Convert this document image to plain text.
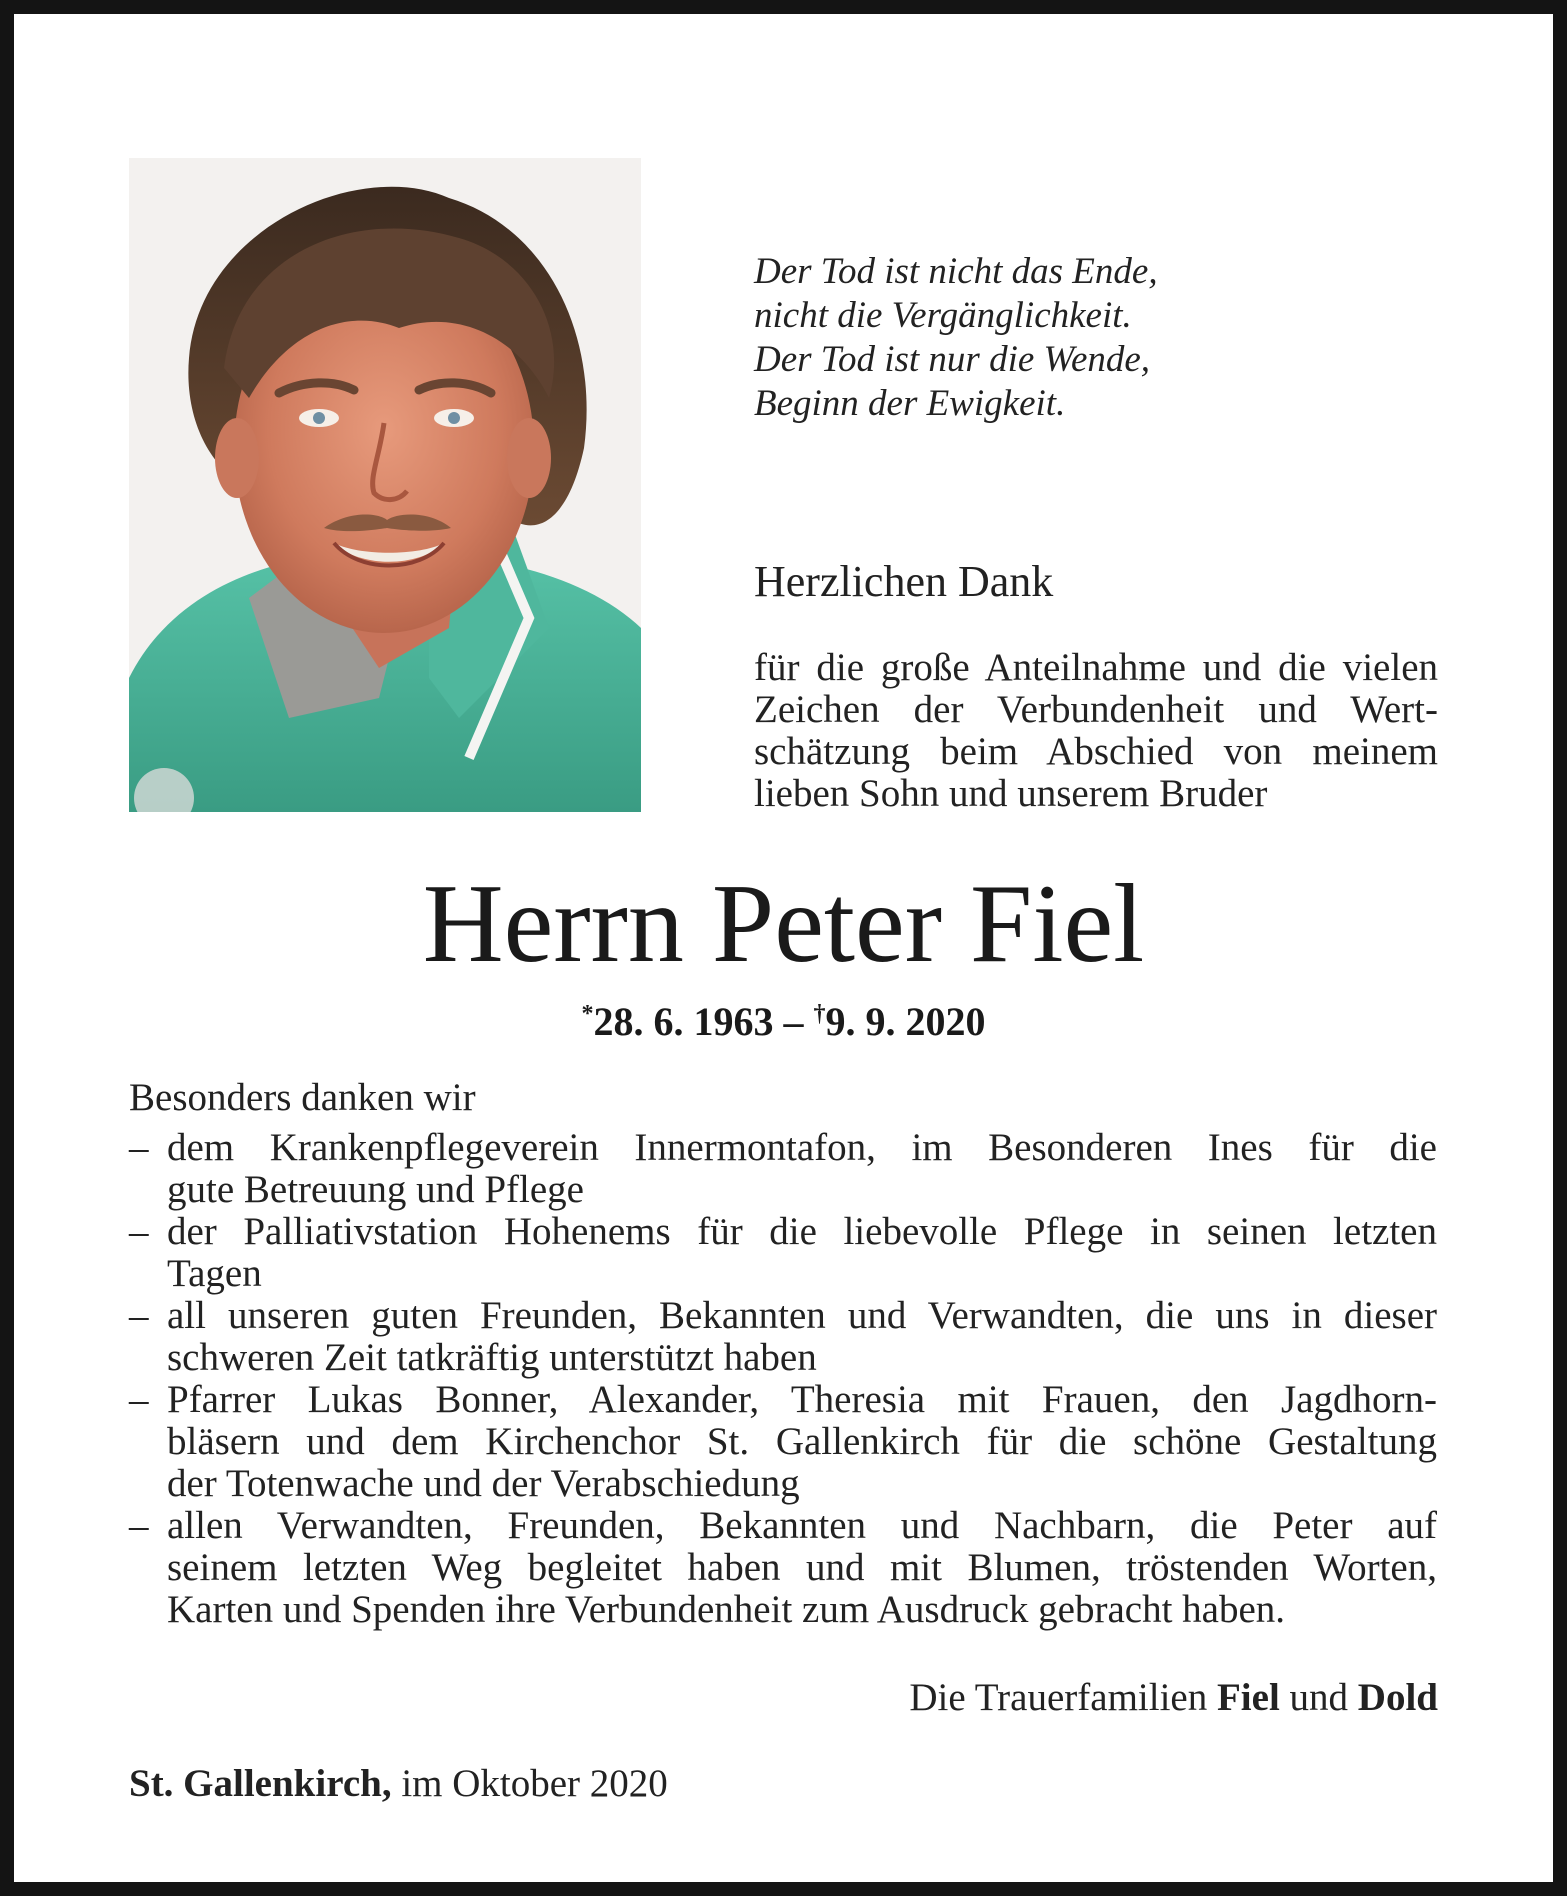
Der Tod ist nicht das Ende,
nicht die Vergänglichkeit.
Der Tod ist nur die Wende,
Beginn der Ewigkeit.
Herzlichen Dank
für die große Anteilnahme und die vielen
Zeichen der Verbundenheit und Wert-
schätzung beim Abschied von meinem
lieben Sohn und unserem Bruder
Herrn Peter Fiel
*28. 6. 1963 – †9. 9. 2020
Besonders danken wir
– dem Krankenpflegeverein Innermontafon, im Besonderen Ines für die
gute Betreuung und Pflege
– der Palliativstation Hohenems für die liebevolle Pflege in seinen letzten
Tagen
– all unseren guten Freunden, Bekannten und Verwandten, die uns in dieser
schweren Zeit tatkräftig unterstützt haben
– Pfarrer Lukas Bonner, Alexander, Theresia mit Frauen, den Jagdhorn-
bläsern und dem Kirchenchor St. Gallenkirch für die schöne Gestaltung
der Totenwache und der Verabschiedung
– allen Verwandten, Freunden, Bekannten und Nachbarn, die Peter auf
seinem letzten Weg begleitet haben und mit Blumen, tröstenden Worten,
Karten und Spenden ihre Verbundenheit zum Ausdruck gebracht haben.
Die Trauerfamilien Fiel und Dold
St. Gallenkirch, im Oktober 2020
